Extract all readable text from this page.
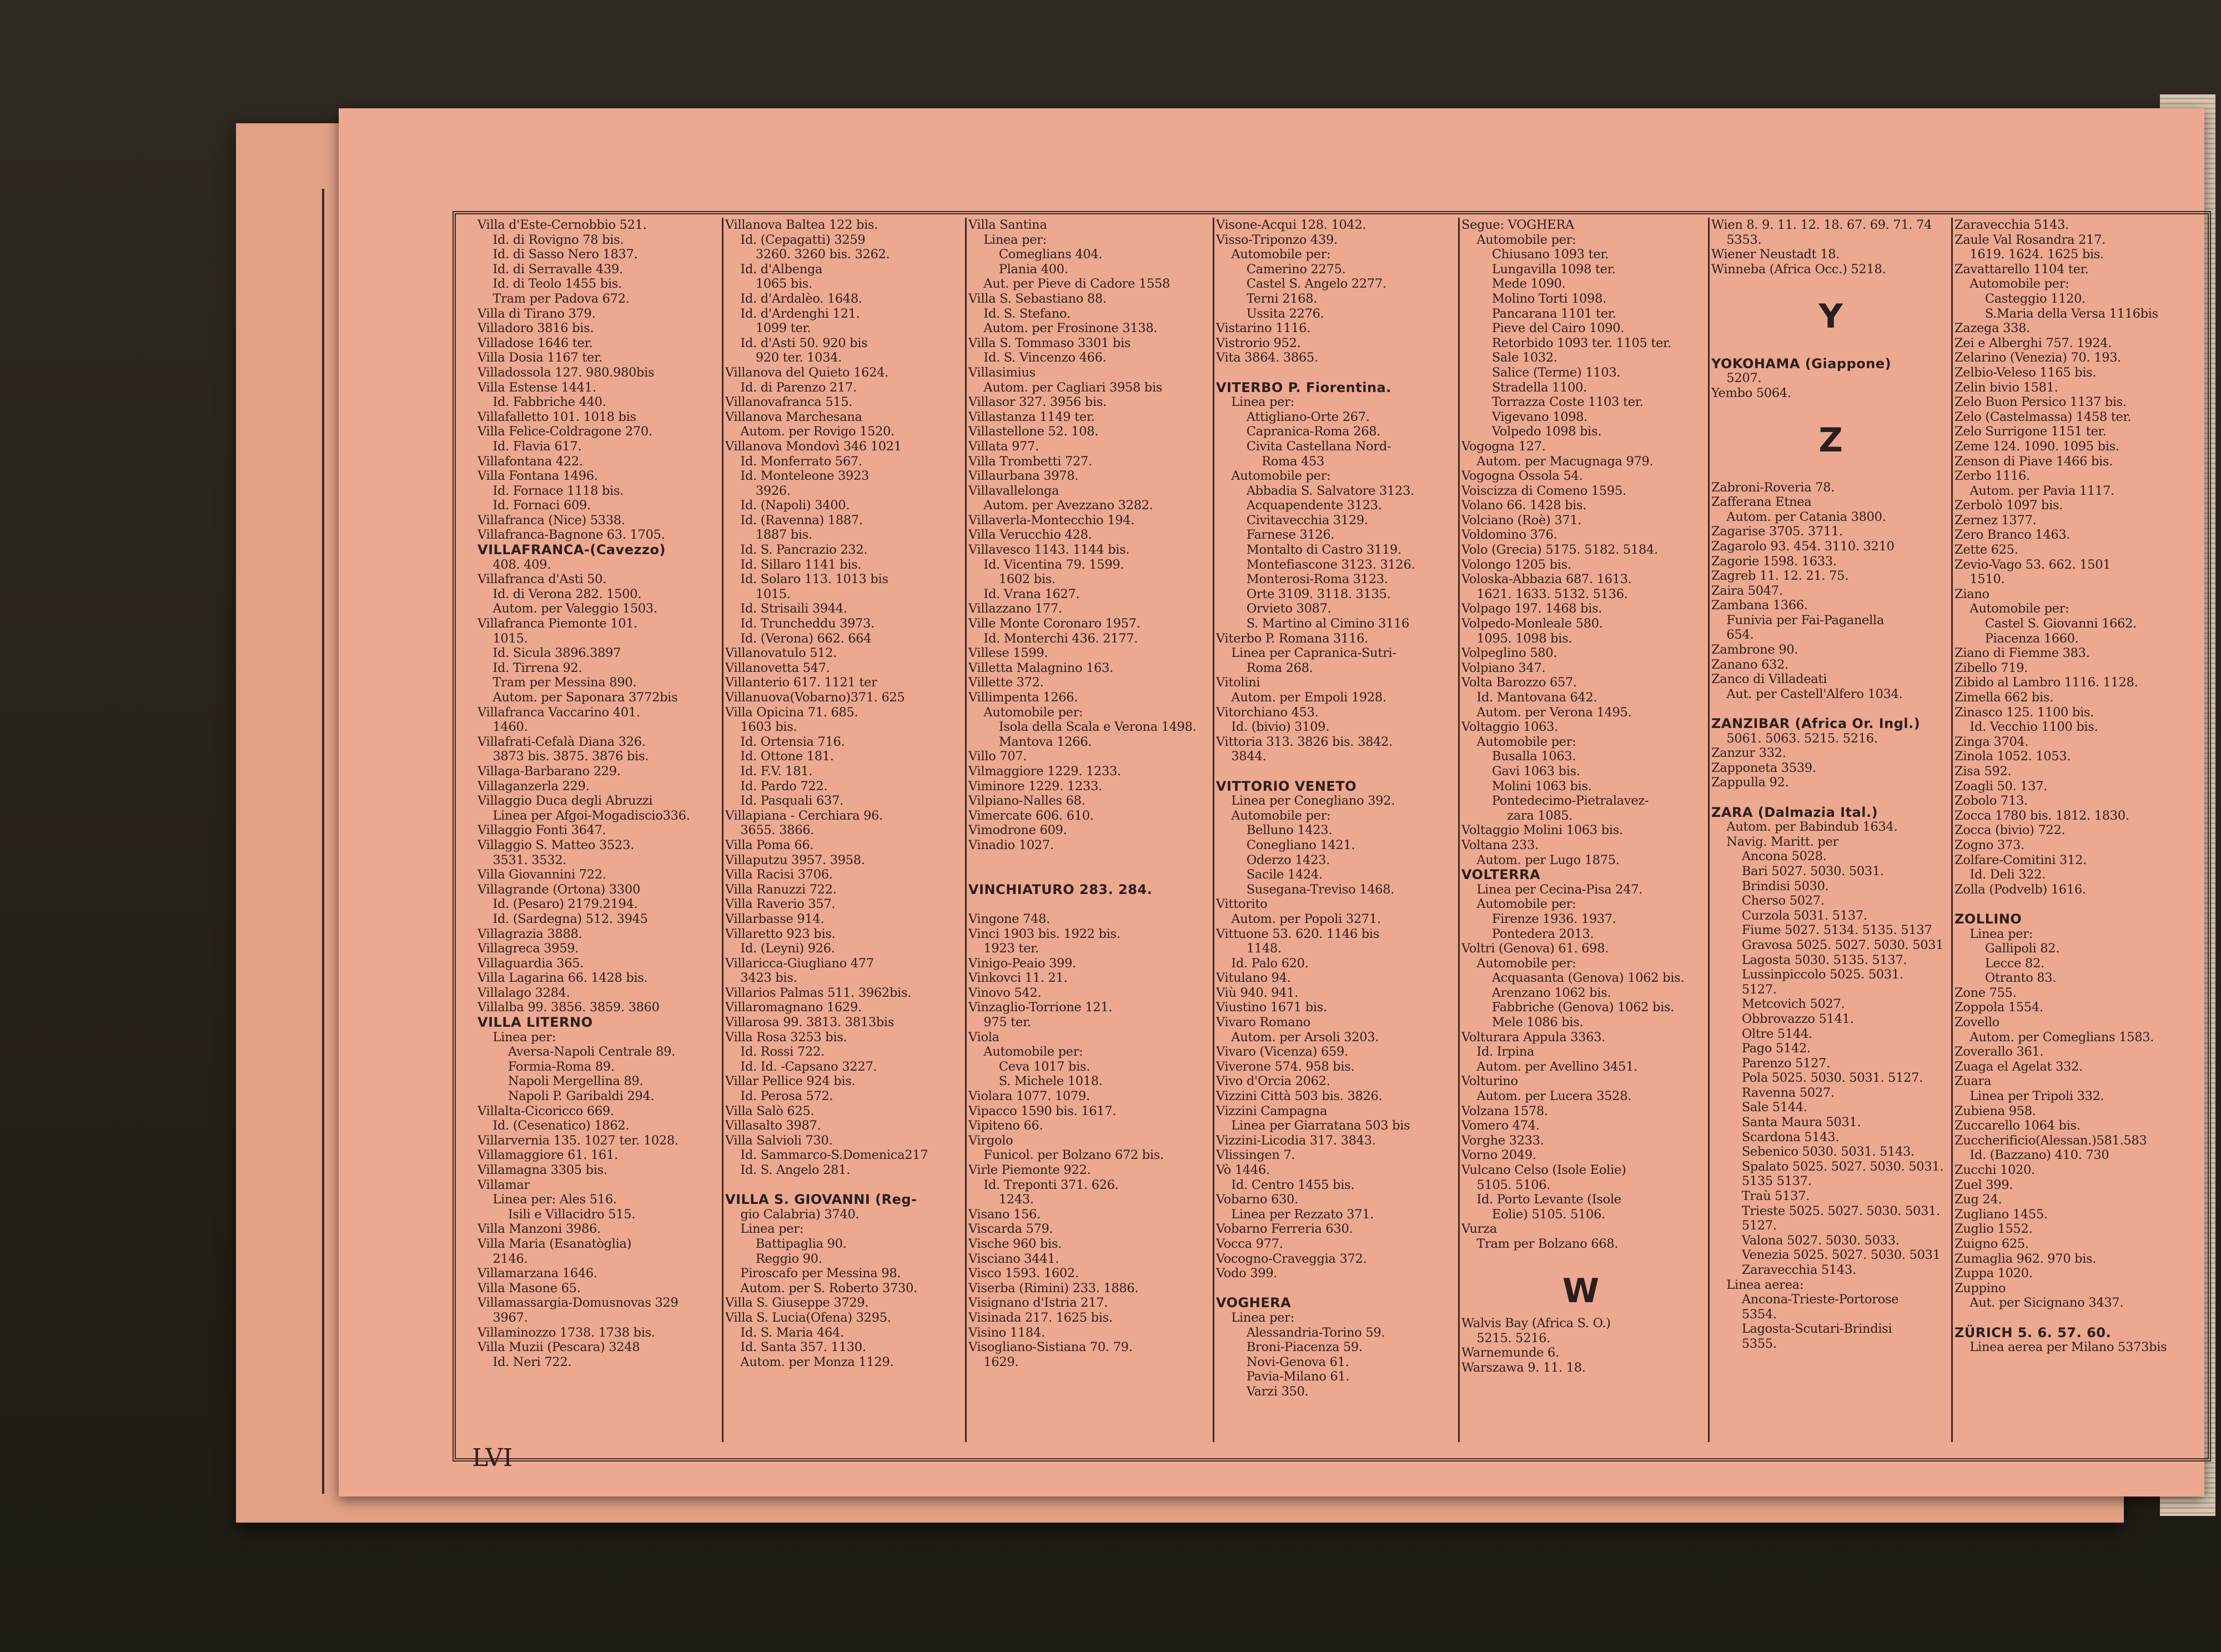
Villa d'Este-Cernobbio 521.
Id. di Rovigno 78 bis.
Id. di Sasso Nero 1837.
Id. di Serravalle 439.
Id. di Teolo 1455 bis.
Tram per Padova 672.
Villa di Tirano 379.
Villadoro 3816 bis.
Villadose 1646 ter.
Villa Dosia 1167 ter.
Villadossola 127. 980.980bis
Villa Estense 1441.
Id. Fabbriche 440.
Villafalletto 101. 1018 bis
Villa Felice-Coldragone 270.
Id. Flavia 617.
Villafontana 422.
Villa Fontana 1496.
Id. Fornace 1118 bis.
Id. Fornaci 609.
Villafranca (Nice) 5338.
Villafranca-Bagnone 63. 1705.
VILLAFRANCA-(Cavezzo)
408. 409.
Villafranca d'Asti 50.
Id. di Verona 282. 1500.
Autom. per Valeggio 1503.
Villafranca Piemonte 101.
1015.
Id. Sicula 3896.3897
Id. Tirrena 92.
Tram per Messina 890.
Autom. per Saponara 3772bis
Villafranca Vaccarino 401.
1460.
Villafrati-Cefalà Diana 326.
3873 bis. 3875. 3876 bis.
Villaga-Barbarano 229.
Villaganzerla 229.
Villaggio Duca degli Abruzzi
Linea per Afgoi-Mogadiscio336.
Villaggio Fonti 3647.
Villaggio S. Matteo 3523.
3531. 3532.
Villa Giovannini 722.
Villagrande (Ortona) 3300
Id. (Pesaro) 2179.2194.
Id. (Sardegna) 512. 3945
Villagrazia 3888.
Villagreca 3959.
Villaguardia 365.
Villa Lagarina 66. 1428 bis.
Villalago 3284.
Villalba 99. 3856. 3859. 3860
VILLA LITERNO
Linea per:
Aversa-Napoli Centrale 89.
Formia-Roma 89.
Napoli Mergellina 89.
Napoli P. Garibaldi 294.
Villalta-Cicoricco 669.
Id. (Cesenatico) 1862.
Villarvernia 135. 1027 ter. 1028.
Villamaggiore 61. 161.
Villamagna 3305 bis.
Villamar
Linea per: Ales 516.
Isili e Villacidro 515.
Villa Manzoni 3986.
Villa Maria (Esanatòglia)
2146.
Villamarzana 1646.
Villa Masone 65.
Villamassargia-Domusnovas 329
3967.
Villaminozzo 1738. 1738 bis.
Villa Muzii (Pescara) 3248
Id. Neri 722.
Villanova Baltea 122 bis.
Id. (Cepagatti) 3259
3260. 3260 bis. 3262.
Id. d'Albenga
1065 bis.
Id. d'Ardalèo. 1648.
Id. d'Ardenghi 121.
1099 ter.
Id. d'Asti 50. 920 bis
920 ter. 1034.
Villanova del Quieto 1624.
Id. di Parenzo 217.
Villanovafranca 515.
Villanova Marchesana
Autom. per Rovigo 1520.
Villanova Mondovì 346 1021
Id. Monferrato 567.
Id. Monteleone 3923
3926.
Id. (Napoli) 3400.
Id. (Ravenna) 1887.
1887 bis.
Id. S. Pancrazio 232.
Id. Sillaro 1141 bis.
Id. Solaro 113. 1013 bis
1015.
Id. Strisaili 3944.
Id. Truncheddu 3973.
Id. (Verona) 662. 664
Villanovatulo 512.
Villanovetta 547.
Villanterio 617. 1121 ter
Villanuova(Vobarno)371. 625
Villa Opicina 71. 685.
1603 bis.
Id. Ortensia 716.
Id. Ottone 181.
Id. F.V. 181.
Id. Pardo 722.
Id. Pasquali 637.
Villapiana - Cerchiara 96.
3655. 3866.
Villa Poma 66.
Villaputzu 3957. 3958.
Villa Racisi 3706.
Villa Ranuzzi 722.
Villa Raverio 357.
Villarbasse 914.
Villaretto 923 bis.
Id. (Leyni) 926.
Villaricca-Giugliano 477
3423 bis.
Villarios Palmas 511. 3962bis.
Villaromagnano 1629.
Villarosa 99. 3813. 3813bis
Villa Rosa 3253 bis.
Id. Rossi 722.
Id. Id. -Capsano 3227.
Villar Pellice 924 bis.
Id. Perosa 572.
Villa Salò 625.
Villasalto 3987.
Villa Salvioli 730.
Id. Sammarco-S.Domenica217
Id. S. Angelo 281.

VILLA S. GIOVANNI (Reg-
gio Calabria) 3740.
Linea per:
Battipaglia 90.
Reggio 90.
Piroscafo per Messina 98.
Autom. per S. Roberto 3730.
Villa S. Giuseppe 3729.
Villa S. Lucia(Ofena) 3295.
Id. S. Maria 464.
Id. Santa 357. 1130.
Autom. per Monza 1129.
Villa Santina
Linea per:
Comeglians 404.
Plania 400.
Aut. per Pieve di Cadore 1558
Villa S. Sebastiano 88.
Id. S. Stefano.
Autom. per Frosinone 3138.
Villa S. Tommaso 3301 bis
Id. S. Vincenzo 466.
Villasimius
Autom. per Cagliari 3958 bis
Villasor 327. 3956 bis.
Villastanza 1149 ter.
Villastellone 52. 108.
Villata 977.
Villa Trombetti 727.
Villaurbana 3978.
Villavallelonga
Autom. per Avezzano 3282.
Villaverla-Montecchio 194.
Villa Verucchio 428.
Villavesco 1143. 1144 bis.
Id. Vicentina 79. 1599.
1602 bis.
Id. Vrana 1627.
Villazzano 177.
Ville Monte Coronaro 1957.
Id. Monterchi 436. 2177.
Villese 1599.
Villetta Malagnino 163.
Villette 372.
Villimpenta 1266.
Automobile per:
Isola della Scala e Verona 1498.
Mantova 1266.
Villo 707.
Vilmaggiore 1229. 1233.
Viminore 1229. 1233.
Vilpiano-Nalles 68.
Vimercate 606. 610.
Vimodrone 609.
Vinadio 1027.

VINCHIATURO 283. 284.

Vingone 748.
Vinci 1903 bis. 1922 bis.
1923 ter.
Vinigo-Peaio 399.
Vinkovci 11. 21.
Vinovo 542.
Vinzaglio-Torrione 121.
975 ter.
Viola
Automobile per:
Ceva 1017 bis.
S. Michele 1018.
Violara 1077. 1079.
Vipacco 1590 bis. 1617.
Vipiteno 66.
Virgolo
Funicol. per Bolzano 672 bis.
Virle Piemonte 922.
Id. Treponti 371. 626.
1243.
Visano 156.
Viscarda 579.
Vische 960 bis.
Visciano 3441.
Visco 1593. 1602.
Viserba (Rimini) 233. 1886.
Visignano d'Istria 217.
Visinada 217. 1625 bis.
Visino 1184.
Visogliano-Sistiana 70. 79.
1629.
Visone-Acqui 128. 1042.
Visso-Triponzo 439.
Automobile per:
Camerino 2275.
Castel S. Angelo 2277.
Terni 2168.
Ussita 2276.
Vistarino 1116.
Vistrorio 952.
Vita 3864. 3865.

VITERBO P. Fiorentina.
Linea per:
Attigliano-Orte 267.
Capranica-Roma 268.
Civita Castellana Nord-
Roma 453
Automobile per:
Abbadia S. Salvatore 3123.
Acquapendente 3123.
Civitavecchia 3129.
Farnese 3126.
Montalto di Castro 3119.
Montefiascone 3123. 3126.
Monterosi-Roma 3123.
Orte 3109. 3118. 3135.
Orvieto 3087.
S. Martino al Cimino 3116
Viterbo P. Romana 3116.
Linea per Capranica-Sutri-
Roma 268.
Vitolini
Autom. per Empoli 1928.
Vitorchiano 453.
Id. (bivio) 3109.
Vittoria 313. 3826 bis. 3842.
3844.

VITTORIO VENETO
Linea per Conegliano 392.
Automobile per:
Belluno 1423.
Conegliano 1421.
Oderzo 1423.
Sacile 1424.
Susegana-Treviso 1468.
Vittorito
Autom. per Popoli 3271.
Vittuone 53. 620. 1146 bis
1148.
Id. Palo 620.
Vitulano 94.
Viù 940. 941.
Viustino 1671 bis.
Vivaro Romano
Autom. per Arsoli 3203.
Vivaro (Vicenza) 659.
Viverone 574. 958 bis.
Vivo d'Orcia 2062.
Vizzini Città 503 bis. 3826.
Vizzini Campagna
Linea per Giarratana 503 bis
Vizzini-Licodia 317. 3843.
Vlissingen 7.
Vò 1446.
Id. Centro 1455 bis.
Vobarno 630.
Linea per Rezzato 371.
Vobarno Ferreria 630.
Vocca 977.
Vocogno-Craveggia 372.
Vodo 399.

VOGHERA
Linea per:
Alessandria-Torino 59.
Broni-Piacenza 59.
Novi-Genova 61.
Pavia-Milano 61.
Varzi 350.
Segue: VOGHERA
Automobile per:
Chiusano 1093 ter.
Lungavilla 1098 ter.
Mede 1090.
Molino Torti 1098.
Pancarana 1101 ter.
Pieve del Cairo 1090.
Retorbido 1093 ter. 1105 ter.
Sale 1032.
Salice (Terme) 1103.
Stradella 1100.
Torrazza Coste 1103 ter.
Vigevano 1098.
Volpedo 1098 bis.
Vogogna 127.
Autom. per Macugnaga 979.
Vogogna Ossola 54.
Voiscizza di Comeno 1595.
Volano 66. 1428 bis.
Volciano (Roè) 371.
Voldomino 376.
Volo (Grecia) 5175. 5182. 5184.
Volongo 1205 bis.
Voloska-Abbazia 687. 1613.
1621. 1633. 5132. 5136.
Volpago 197. 1468 bis.
Volpedo-Monleale 580.
1095. 1098 bis.
Volpeglino 580.
Volpiano 347.
Volta Barozzo 657.
Id. Mantovana 642.
Autom. per Verona 1495.
Voltaggio 1063.
Automobile per:
Busalla 1063.
Gavi 1063 bis.
Molini 1063 bis.
Pontedecimo-Pietralavez-
zara 1085.
Voltaggio Molini 1063 bis.
Voltana 233.
Autom. per Lugo 1875.
VOLTERRA
Linea per Cecina-Pisa 247.
Automobile per:
Firenze 1936. 1937.
Pontedera 2013.
Voltri (Genova) 61. 698.
Automobile per:
Acquasanta (Genova) 1062 bis.
Arenzano 1062 bis.
Fabbriche (Genova) 1062 bis.
Mele 1086 bis.
Volturara Appula 3363.
Id. Irpina
Autom. per Avellino 3451.
Volturino
Autom. per Lucera 3528.
Volzana 1578.
Vomero 474.
Vorghe 3233.
Vorno 2049.
Vulcano Celso (Isole Eolie)
5105. 5106.
Id. Porto Levante (Isole
Eolie) 5105. 5106.
Vurza
Tram per Bolzano 668.

W
Walvis Bay (Africa S. O.)
5215. 5216.
Warnemunde 6.
Warszawa 9. 11. 18.
Wien 8. 9. 11. 12. 18. 67. 69. 71. 74
5353.
Wiener Neustadt 18.
Winneba (Africa Occ.) 5218.

Y

YOKOHAMA (Giappone)
5207.
Yembo 5064.

Z

Zabroni-Roveria 78.
Zafferana Etnea
Autom. per Catania 3800.
Zagarise 3705. 3711.
Zagarolo 93. 454. 3110. 3210
Zagorie 1598. 1633.
Zagreb 11. 12. 21. 75.
Zaira 5047.
Zambana 1366.
Funivia per Fai-Paganella
654.
Zambrone 90.
Zanano 632.
Zanco di Villadeati
Aut. per Castell'Alfero 1034.

ZANZIBAR (Africa Or. Ingl.)
5061. 5063. 5215. 5216.
Zanzur 332.
Zapponeta 3539.
Zappulla 92.

ZARA (Dalmazia Ital.)
Autom. per Babindub 1634.
Navig. Maritt. per
Ancona 5028.
Bari 5027. 5030. 5031.
Brindisi 5030.
Cherso 5027.
Curzola 5031. 5137.
Fiume 5027. 5134. 5135. 5137
Gravosa 5025. 5027. 5030. 5031
Lagosta 5030. 5135. 5137.
Lussinpiccolo 5025. 5031.
5127.
Metcovich 5027.
Obbrovazzo 5141.
Oltre 5144.
Pago 5142.
Parenzo 5127.
Pola 5025. 5030. 5031. 5127.
Ravenna 5027.
Sale 5144.
Santa Maura 5031.
Scardona 5143.
Sebenico 5030. 5031. 5143.
Spalato 5025. 5027. 5030. 5031.
5135 5137.
Traù 5137.
Trieste 5025. 5027. 5030. 5031.
5127.
Valona 5027. 5030. 5033.
Venezia 5025. 5027. 5030. 5031
Zaravecchia 5143.
Linea aerea:
Ancona-Trieste-Portorose
5354.
Lagosta-Scutari-Brindisi
5355.
Zaravecchia 5143.
Zaule Val Rosandra 217.
1619. 1624. 1625 bis.
Zavattarello 1104 ter.
Automobile per:
Casteggio 1120.
S.Maria della Versa 1116bis
Zazega 338.
Zei e Alberghi 757. 1924.
Zelarino (Venezia) 70. 193.
Zelbio-Veleso 1165 bis.
Zelin bivio 1581.
Zelo Buon Persico 1137 bis.
Zelo (Castelmassa) 1458 ter.
Zelo Surrigone 1151 ter.
Zeme 124. 1090. 1095 bis.
Zenson di Piave 1466 bis.
Zerbo 1116.
Autom. per Pavia 1117.
Zerbolò 1097 bis.
Zernez 1377.
Zero Branco 1463.
Zette 625.
Zevio-Vago 53. 662. 1501
1510.
Ziano
Automobile per:
Castel S. Giovanni 1662.
Piacenza 1660.
Ziano di Fiemme 383.
Zibello 719.
Zibido al Lambro 1116. 1128.
Zimella 662 bis.
Zinasco 125. 1100 bis.
Id. Vecchio 1100 bis.
Zinga 3704.
Zinola 1052. 1053.
Zisa 592.
Zoagli 50. 137.
Zobolo 713.
Zocca 1780 bis. 1812. 1830.
Zocca (bivio) 722.
Zogno 373.
Zolfare-Comitini 312.
Id. Deli 322.
Zolla (Podvelb) 1616.

ZOLLINO
Linea per:
Gallipoli 82.
Lecce 82.
Otranto 83.
Zone 755.
Zoppola 1554.
Zovello
Autom. per Comeglians 1583.
Zoverallo 361.
Zuaga el Agelat 332.
Zuara
Linea per Tripoli 332.
Zubiena 958.
Zuccarello 1064 bis.
Zuccherificio(Alessan.)581.583
Id. (Bazzano) 410. 730
Zucchi 1020.
Zuel 399.
Zug 24.
Zugliano 1455.
Zuglio 1552.
Zuigno 625.
Zumaglia 962. 970 bis.
Zuppa 1020.
Zuppino
Aut. per Sicignano 3437.

ZÜRICH 5. 6. 57. 60.
Linea aerea per Milano 5373bis
LVI
